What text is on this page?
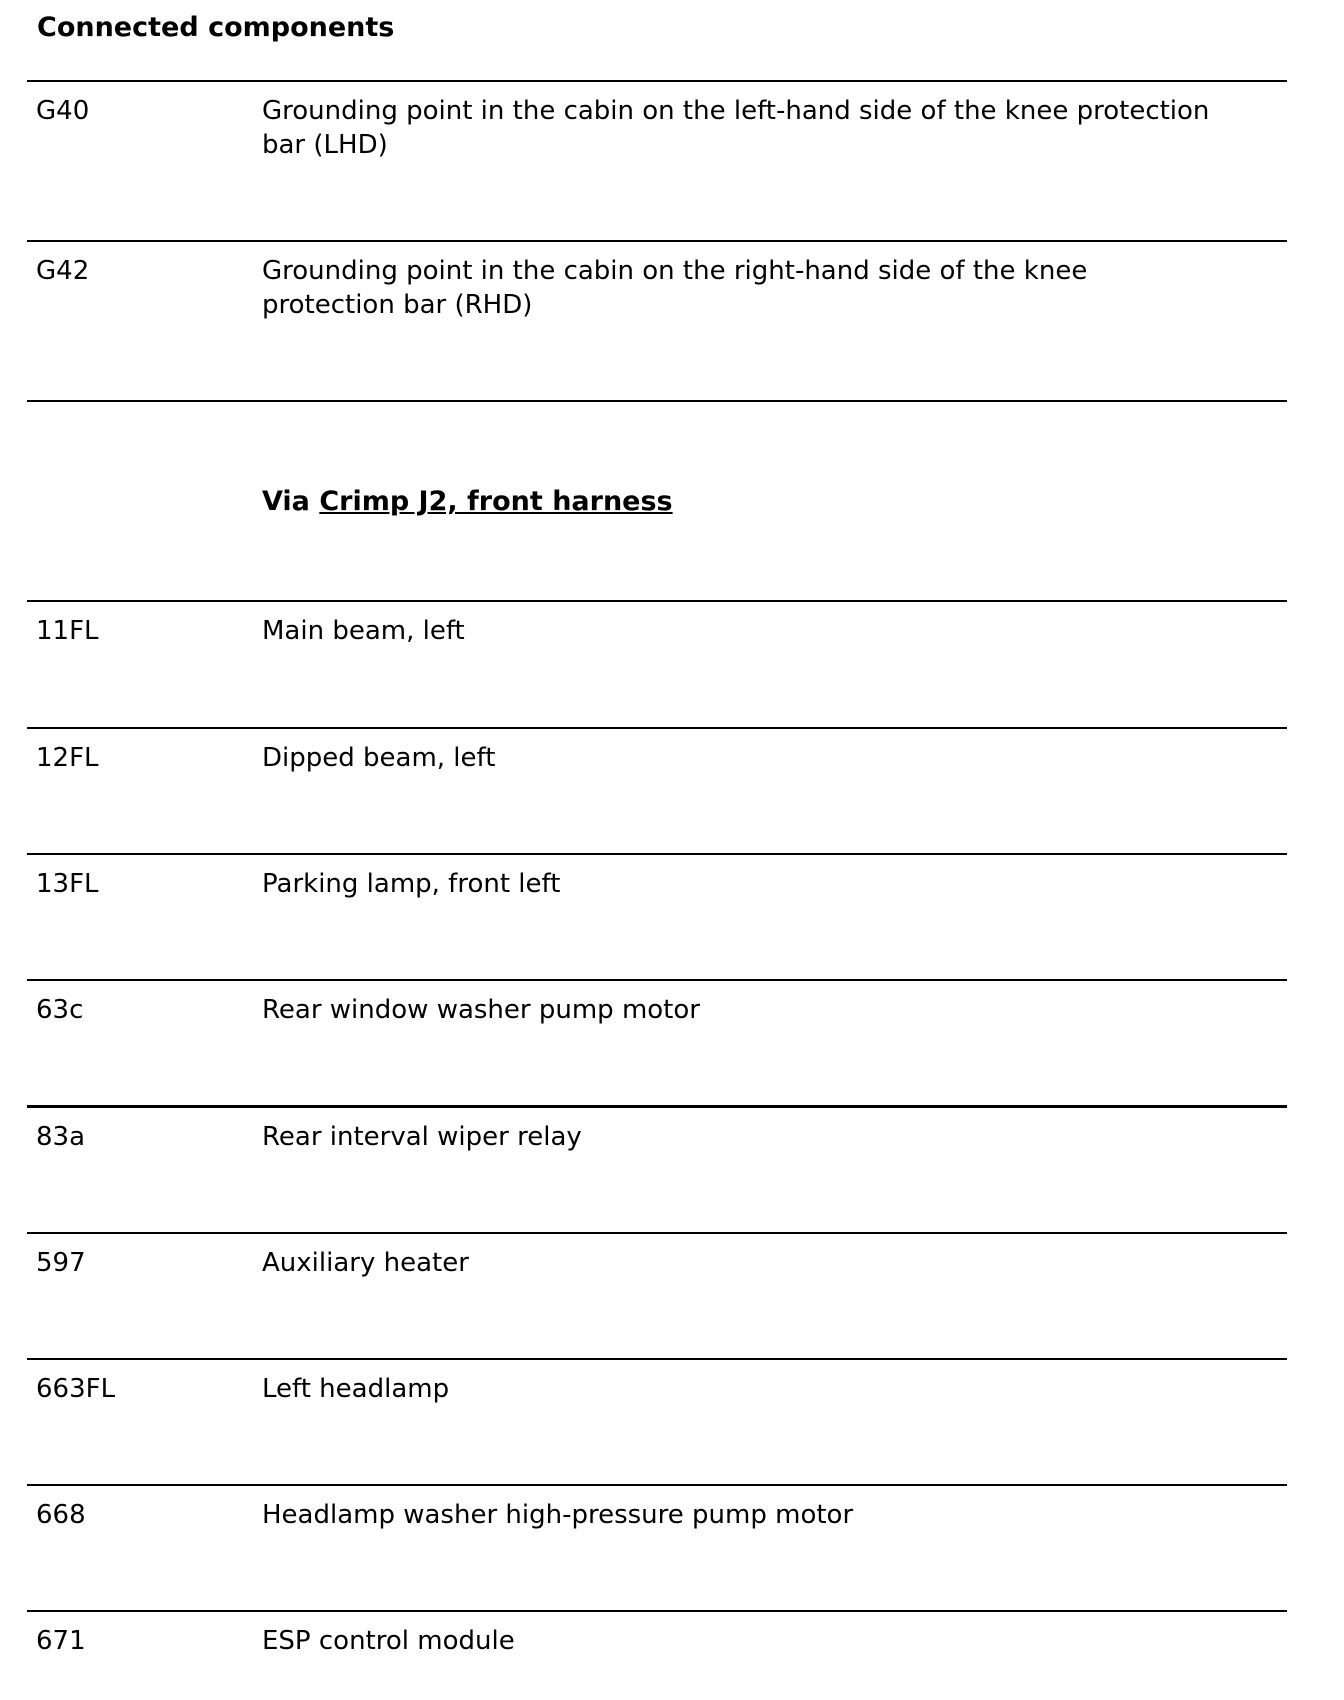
Connected components
G40	Grounding point in the cabin on the left-hand side of the knee protection bar (LHD)
G42	Grounding point in the cabin on the right-hand side of the knee protection bar (RHD)
Via Crimp J2, front harness
11FL	Main beam, left
12FL	Dipped beam, left
13FL	Parking lamp, front left
63c	Rear window washer pump motor
83a	Rear interval wiper relay
597	Auxiliary heater
663FL	Left headlamp
668	Headlamp washer high-pressure pump motor
671	ESP control module
